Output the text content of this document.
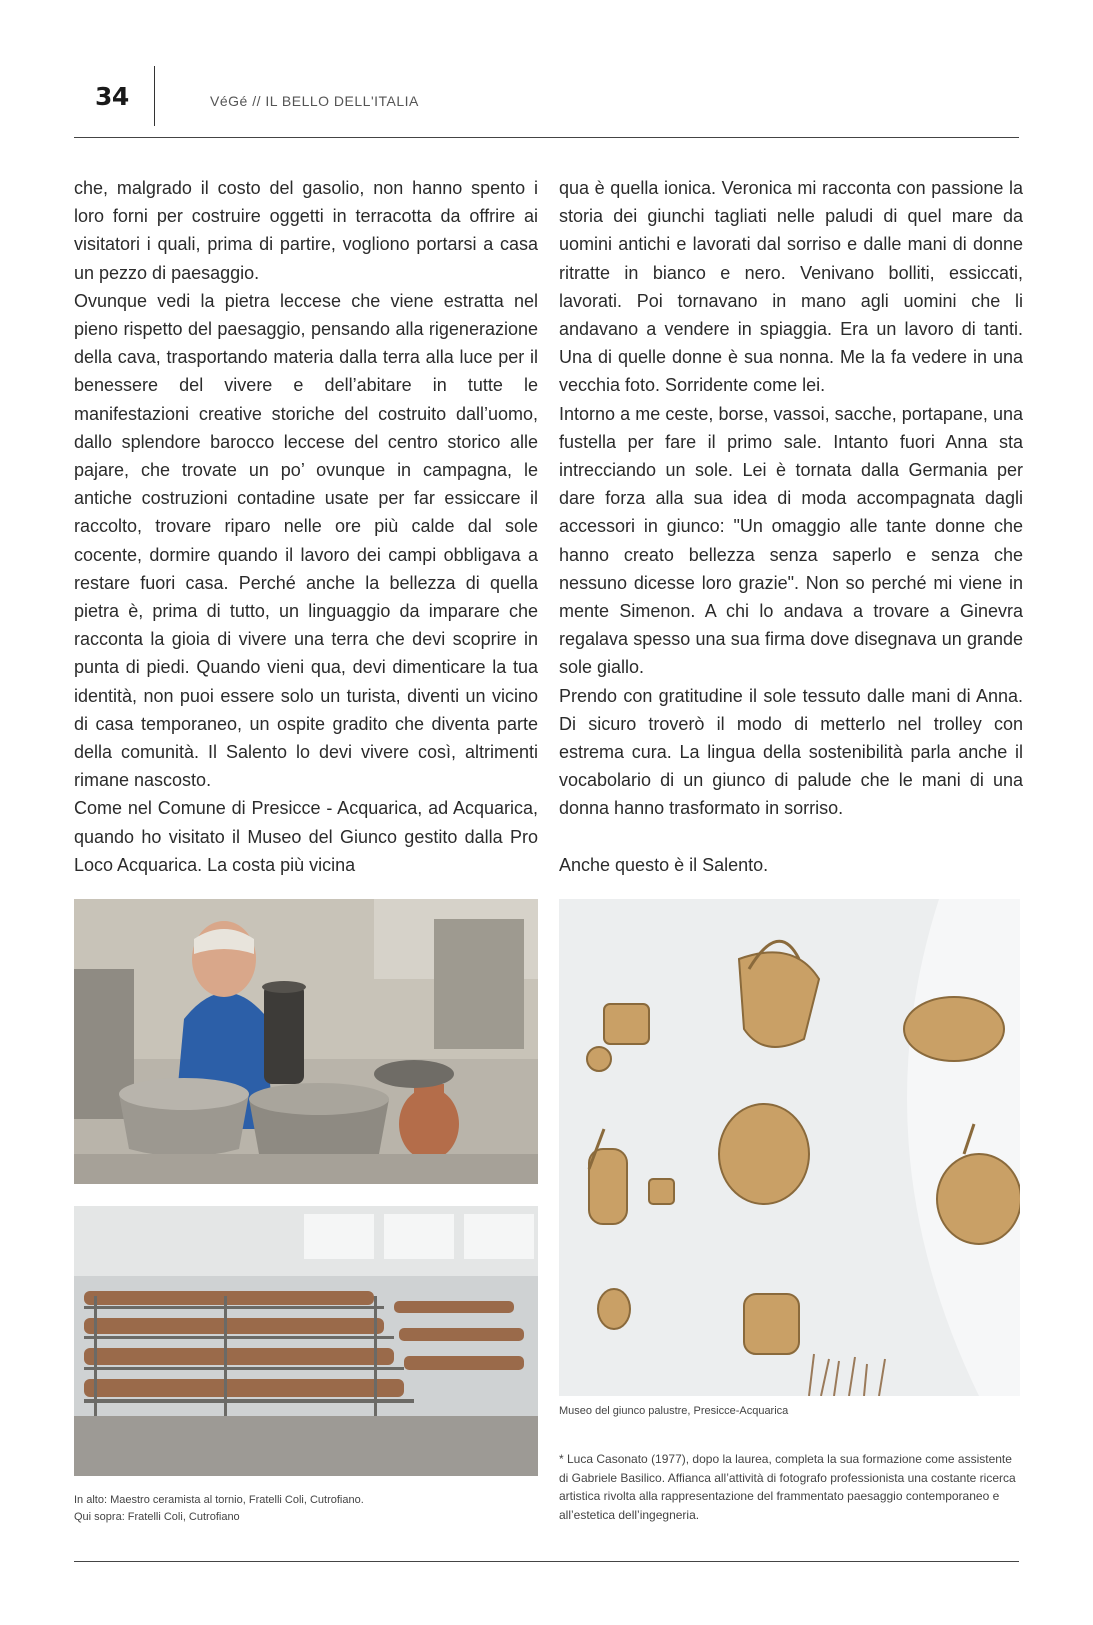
34	VéGé // IL BELLO DELL'ITALIA

che, malgrado il costo del gasolio, non hanno spento i loro forni per costruire oggetti in terracotta da offrire ai visitatori i quali, prima di partire, vogliono portarsi a casa un pezzo di paesaggio.

Ovunque vedi la pietra leccese che viene estratta nel pieno rispetto del paesaggio, pensando alla rigenerazione della cava, trasportando materia dalla terra alla luce per il benessere del vivere e dell’abitare in tutte le manifestazioni creative storiche del costruito dall’uomo, dallo splendore barocco leccese del centro storico alle pajare, che trovate un po’ ovunque in campagna, le antiche costruzioni contadine usate per far essiccare il raccolto, trovare riparo nelle ore più calde dal sole cocente, dormire quando il lavoro dei campi obbligava a restare fuori casa. Perché anche la bellezza di quella pietra è, prima di tutto, un linguaggio da imparare che racconta la gioia di vivere una terra che devi scoprire in punta di piedi. Quando vieni qua, devi dimenticare la tua identità, non puoi essere solo un turista, diventi un vicino di casa temporaneo, un ospite gradito che diventa parte della comunità. Il Salento lo devi vivere così, altrimenti rimane nascosto.

Come nel Comune di Presicce - Acquarica, ad Acquarica, quando ho visitato il Museo del Giunco gestito dalla Pro Loco Acquarica. La costa più vicina

qua è quella ionica. Veronica mi racconta con passione la storia dei giunchi tagliati nelle paludi di quel mare da uomini antichi e lavorati dal sorriso e dalle mani di donne ritratte in bianco e nero. Venivano bolliti, essiccati, lavorati. Poi tornavano in mano agli uomini che li andavano a vendere in spiaggia. Era un lavoro di tanti. Una di quelle donne è sua nonna. Me la fa vedere in una vecchia foto. Sorridente come lei.

Intorno a me ceste, borse, vassoi, sacche, portapane, una fustella per fare il primo sale. Intanto fuori Anna sta intrecciando un sole. Lei è tornata dalla Germania per dare forza alla sua idea di moda accompagnata dagli accessori in giunco: "Un omaggio alle tante donne che hanno creato bellezza senza saperlo e senza che nessuno dicesse loro grazie". Non so perché mi viene in mente Simenon. A chi lo andava a trovare a Ginevra regalava spesso una sua firma dove disegnava un grande sole giallo.

Prendo con gratitudine il sole tessuto dalle mani di Anna. Di sicuro troverò il modo di metterlo nel trolley con estrema cura. La lingua della sostenibilità parla anche il vocabolario di un giunco di palude che le mani di una donna hanno trasformato in sorriso.

Anche questo è il Salento.

Museo del giunco palustre, Presicce-Acquarica
* Luca Casonato (1977), dopo la laurea, completa la sua formazione come assistente di Gabriele Basilico. Affianca all’attività di fotografo professionista una costante ricerca artistica rivolta alla rappresentazione del frammentato paesaggio contemporaneo e all’estetica dell’ingegneria.
In alto: Maestro ceramista al tornio, Fratelli Coli, Cutrofiano.
Qui sopra: Fratelli Coli, Cutrofiano
